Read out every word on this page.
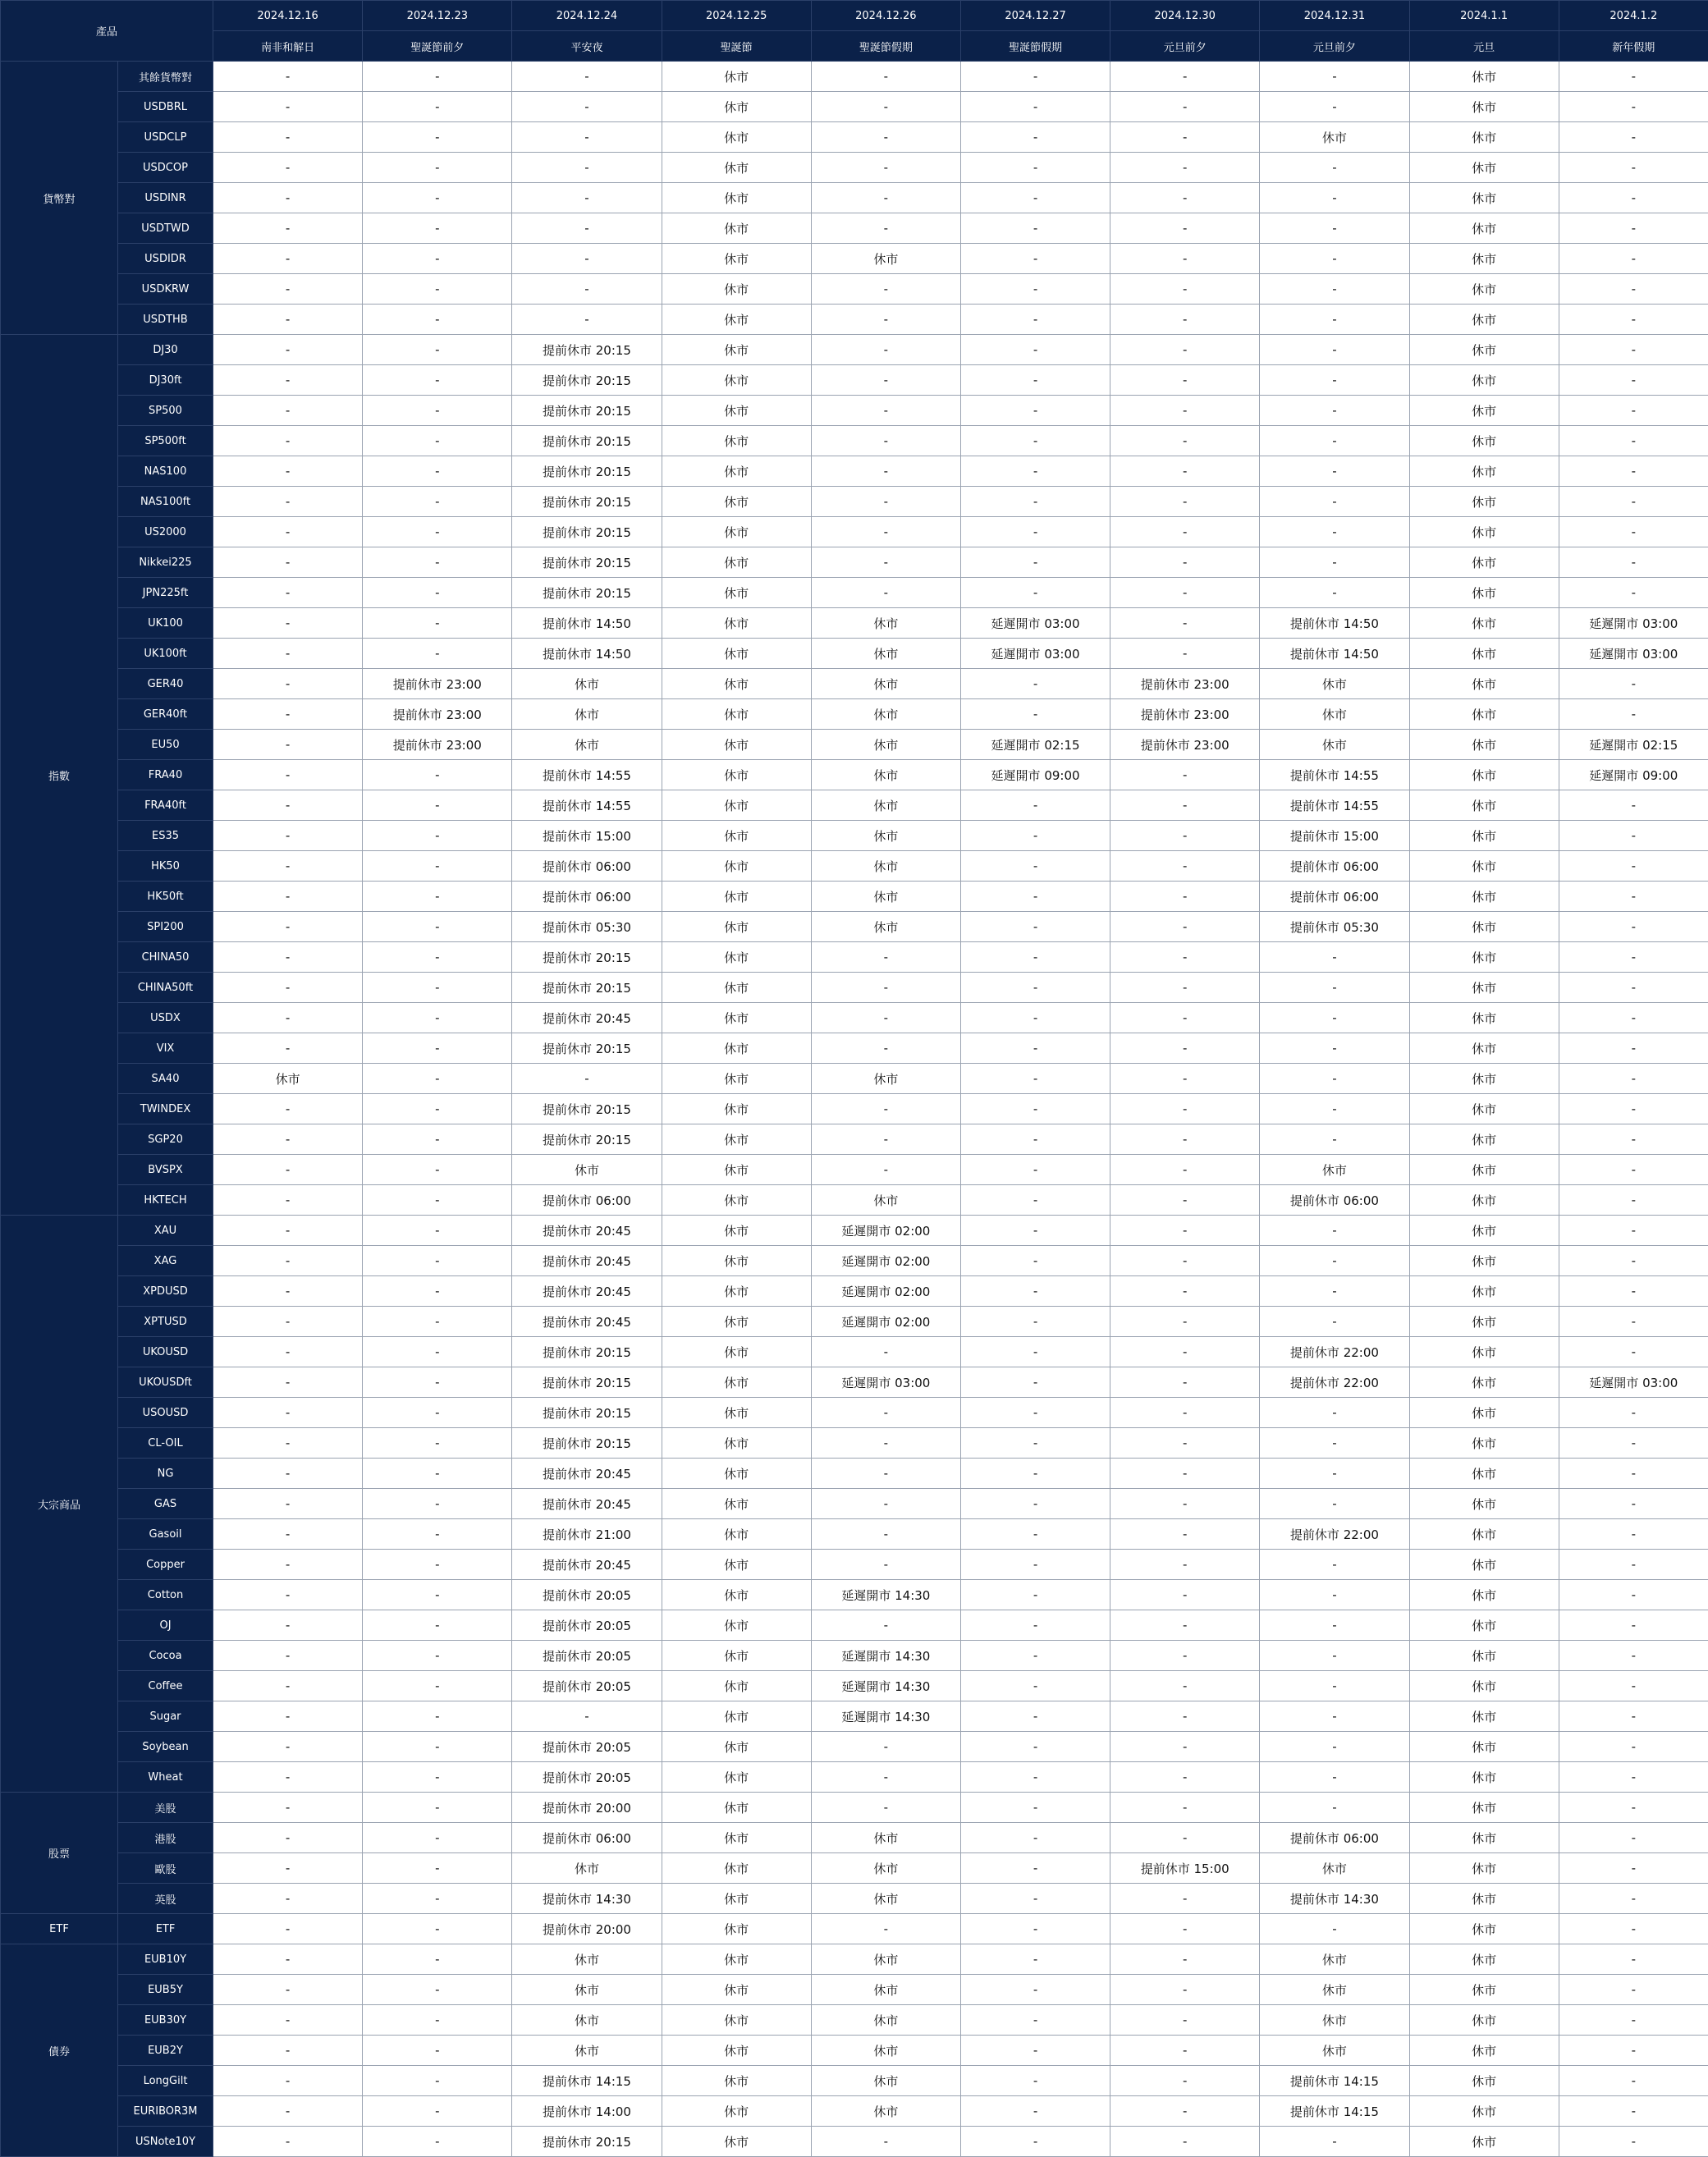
產品		2024.12.16	2024.12.23	2024.12.24	2024.12.25	2024.12.26	2024.12.27	2024.12.30	2024.12.31	2024.1.1	2024.1.2
		南非和解日	聖誕節前夕	平安夜	聖誕節	聖誕節假期	聖誕節假期	元旦前夕	元旦前夕	元旦	新年假期
貨幣對	其餘貨幣對	-	-	-	休市	-	-	-	-	休市	-
	USDBRL	-	-	-	休市	-	-	-	-	休市	-
	USDCLP	-	-	-	休市	-	-	-	休市	休市	-
	USDCOP	-	-	-	休市	-	-	-	-	休市	-
	USDINR	-	-	-	休市	-	-	-	-	休市	-
	USDTWD	-	-	-	休市	-	-	-	-	休市	-
	USDIDR	-	-	-	休市	休市	-	-	-	休市	-
	USDKRW	-	-	-	休市	-	-	-	-	休市	-
	USDTHB	-	-	-	休市	-	-	-	-	休市	-
指數	DJ30	-	-	提前休市 20:15	休市	-	-	-	-	休市	-
	DJ30ft	-	-	提前休市 20:15	休市	-	-	-	-	休市	-
	SP500	-	-	提前休市 20:15	休市	-	-	-	-	休市	-
	SP500ft	-	-	提前休市 20:15	休市	-	-	-	-	休市	-
	NAS100	-	-	提前休市 20:15	休市	-	-	-	-	休市	-
	NAS100ft	-	-	提前休市 20:15	休市	-	-	-	-	休市	-
	US2000	-	-	提前休市 20:15	休市	-	-	-	-	休市	-
	Nikkei225	-	-	提前休市 20:15	休市	-	-	-	-	休市	-
	JPN225ft	-	-	提前休市 20:15	休市	-	-	-	-	休市	-
	UK100	-	-	提前休市 14:50	休市	休市	延遲開市 03:00	-	提前休市 14:50	休市	延遲開市 03:00
	UK100ft	-	-	提前休市 14:50	休市	休市	延遲開市 03:00	-	提前休市 14:50	休市	延遲開市 03:00
	GER40	-	提前休市 23:00	休市	休市	休市	-	提前休市 23:00	休市	休市	-
	GER40ft	-	提前休市 23:00	休市	休市	休市	-	提前休市 23:00	休市	休市	-
	EU50	-	提前休市 23:00	休市	休市	休市	延遲開市 02:15	提前休市 23:00	休市	休市	延遲開市 02:15
	FRA40	-	-	提前休市 14:55	休市	休市	延遲開市 09:00	-	提前休市 14:55	休市	延遲開市 09:00
	FRA40ft	-	-	提前休市 14:55	休市	休市	-	-	提前休市 14:55	休市	-
	ES35	-	-	提前休市 15:00	休市	休市	-	-	提前休市 15:00	休市	-
	HK50	-	-	提前休市 06:00	休市	休市	-	-	提前休市 06:00	休市	-
	HK50ft	-	-	提前休市 06:00	休市	休市	-	-	提前休市 06:00	休市	-
	SPI200	-	-	提前休市 05:30	休市	休市	-	-	提前休市 05:30	休市	-
	CHINA50	-	-	提前休市 20:15	休市	-	-	-	-	休市	-
	CHINA50ft	-	-	提前休市 20:15	休市	-	-	-	-	休市	-
	USDX	-	-	提前休市 20:45	休市	-	-	-	-	休市	-
	VIX	-	-	提前休市 20:15	休市	-	-	-	-	休市	-
	SA40	休市	-	-	休市	休市	-	-	-	休市	-
	TWINDEX	-	-	提前休市 20:15	休市	-	-	-	-	休市	-
	SGP20	-	-	提前休市 20:15	休市	-	-	-	-	休市	-
	BVSPX	-	-	休市	休市	-	-	-	休市	休市	-
	HKTECH	-	-	提前休市 06:00	休市	休市	-	-	提前休市 06:00	休市	-
大宗商品	XAU	-	-	提前休市 20:45	休市	延遲開市 02:00	-	-	-	休市	-
	XAG	-	-	提前休市 20:45	休市	延遲開市 02:00	-	-	-	休市	-
	XPDUSD	-	-	提前休市 20:45	休市	延遲開市 02:00	-	-	-	休市	-
	XPTUSD	-	-	提前休市 20:45	休市	延遲開市 02:00	-	-	-	休市	-
	UKOUSD	-	-	提前休市 20:15	休市	-	-	-	提前休市 22:00	休市	-
	UKOUSDft	-	-	提前休市 20:15	休市	延遲開市 03:00	-	-	提前休市 22:00	休市	延遲開市 03:00
	USOUSD	-	-	提前休市 20:15	休市	-	-	-	-	休市	-
	CL-OIL	-	-	提前休市 20:15	休市	-	-	-	-	休市	-
	NG	-	-	提前休市 20:45	休市	-	-	-	-	休市	-
	GAS	-	-	提前休市 20:45	休市	-	-	-	-	休市	-
	Gasoil	-	-	提前休市 21:00	休市	-	-	-	提前休市 22:00	休市	-
	Copper	-	-	提前休市 20:45	休市	-	-	-	-	休市	-
	Cotton	-	-	提前休市 20:05	休市	延遲開市 14:30	-	-	-	休市	-
	OJ	-	-	提前休市 20:05	休市	-	-	-	-	休市	-
	Cocoa	-	-	提前休市 20:05	休市	延遲開市 14:30	-	-	-	休市	-
	Coffee	-	-	提前休市 20:05	休市	延遲開市 14:30	-	-	-	休市	-
	Sugar	-	-	-	休市	延遲開市 14:30	-	-	-	休市	-
	Soybean	-	-	提前休市 20:05	休市	-	-	-	-	休市	-
	Wheat	-	-	提前休市 20:05	休市	-	-	-	-	休市	-
股票	美股	-	-	提前休市 20:00	休市	-	-	-	-	休市	-
	港股	-	-	提前休市 06:00	休市	休市	-	-	提前休市 06:00	休市	-
	歐股	-	-	休市	休市	休市	-	提前休市 15:00	休市	休市	-
	英股	-	-	提前休市 14:30	休市	休市	-	-	提前休市 14:30	休市	-
ETF	ETF	-	-	提前休市 20:00	休市	-	-	-	-	休市	-
債券	EUB10Y	-	-	休市	休市	休市	-	-	休市	休市	-
	EUB5Y	-	-	休市	休市	休市	-	-	休市	休市	-
	EUB30Y	-	-	休市	休市	休市	-	-	休市	休市	-
	EUB2Y	-	-	休市	休市	休市	-	-	休市	休市	-
	LongGilt	-	-	提前休市 14:15	休市	休市	-	-	提前休市 14:15	休市	-
	EURIBOR3M	-	-	提前休市 14:00	休市	休市	-	-	提前休市 14:15	休市	-
	USNote10Y	-	-	提前休市 20:15	休市	-	-	-	-	休市	-
